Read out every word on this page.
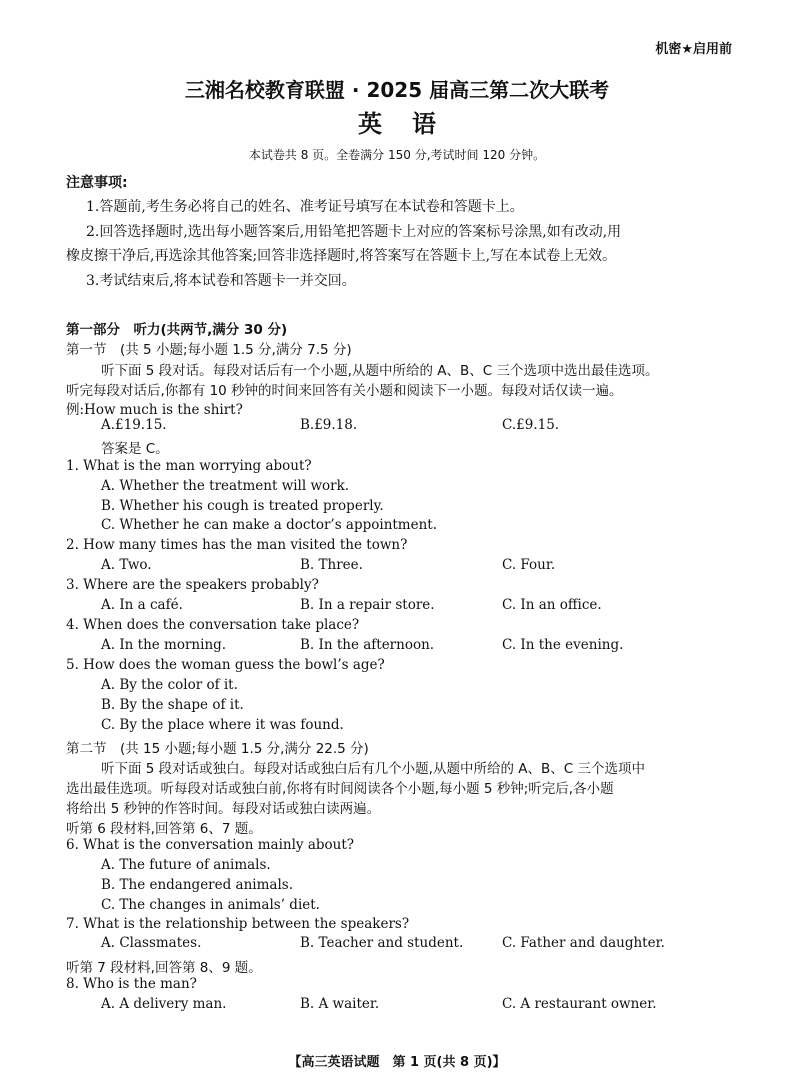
机密★启用前
三湘名校教育联盟 · 2025 届高三第二次大联考
英语
本试卷共 8 页。全卷满分 150 分,考试时间 120 分钟。
注意事项:
1.答题前,考生务必将自己的姓名、准考证号填写在本试卷和答题卡上。
2.回答选择题时,选出每小题答案后,用铅笔把答题卡上对应的答案标号涂黑,如有改动,用
橡皮擦干净后,再选涂其他答案;回答非选择题时,将答案写在答题卡上,写在本试卷上无效。
3.考试结束后,将本试卷和答题卡一并交回。
第一部分　听力(共两节,满分 30 分)
第一节　(共 5 小题;每小题 1.5 分,满分 7.5 分)
听下面 5 段对话。每段对话后有一个小题,从题中所给的 A、B、C 三个选项中选出最佳选项。
听完每段对话后,你都有 10 秒钟的时间来回答有关小题和阅读下一小题。每段对话仅读一遍。
例:How much is the shirt?
A.£19.15.	B.£9.18.	C.£9.15.
答案是 C。
1. What is the man worrying about?
A. Whether the treatment will work.
B. Whether his cough is treated properly.
C. Whether he can make a doctor’s appointment.
2. How many times has the man visited the town?
A. Two.	B. Three.	C. Four.
3. Where are the speakers probably?
A. In a café.	B. In a repair store.	C. In an office.
4. When does the conversation take place?
A. In the morning.	B. In the afternoon.	C. In the evening.
5. How does the woman guess the bowl’s age?
A. By the color of it.
B. By the shape of it.
C. By the place where it was found.
第二节　(共 15 小题;每小题 1.5 分,满分 22.5 分)
听下面 5 段对话或独白。每段对话或独白后有几个小题,从题中所给的 A、B、C 三个选项中
选出最佳选项。听每段对话或独白前,你将有时间阅读各个小题,每小题 5 秒钟;听完后,各小题
将给出 5 秒钟的作答时间。每段对话或独白读两遍。
听第 6 段材料,回答第 6、7 题。
6. What is the conversation mainly about?
A. The future of animals.
B. The endangered animals.
C. The changes in animals’ diet.
7. What is the relationship between the speakers?
A. Classmates.	B. Teacher and student.	C. Father and daughter.
听第 7 段材料,回答第 8、9 题。
8. Who is the man?
A. A delivery man.	B. A waiter.	C. A restaurant owner.
【高三英语试题　第 1 页(共 8 页)】
